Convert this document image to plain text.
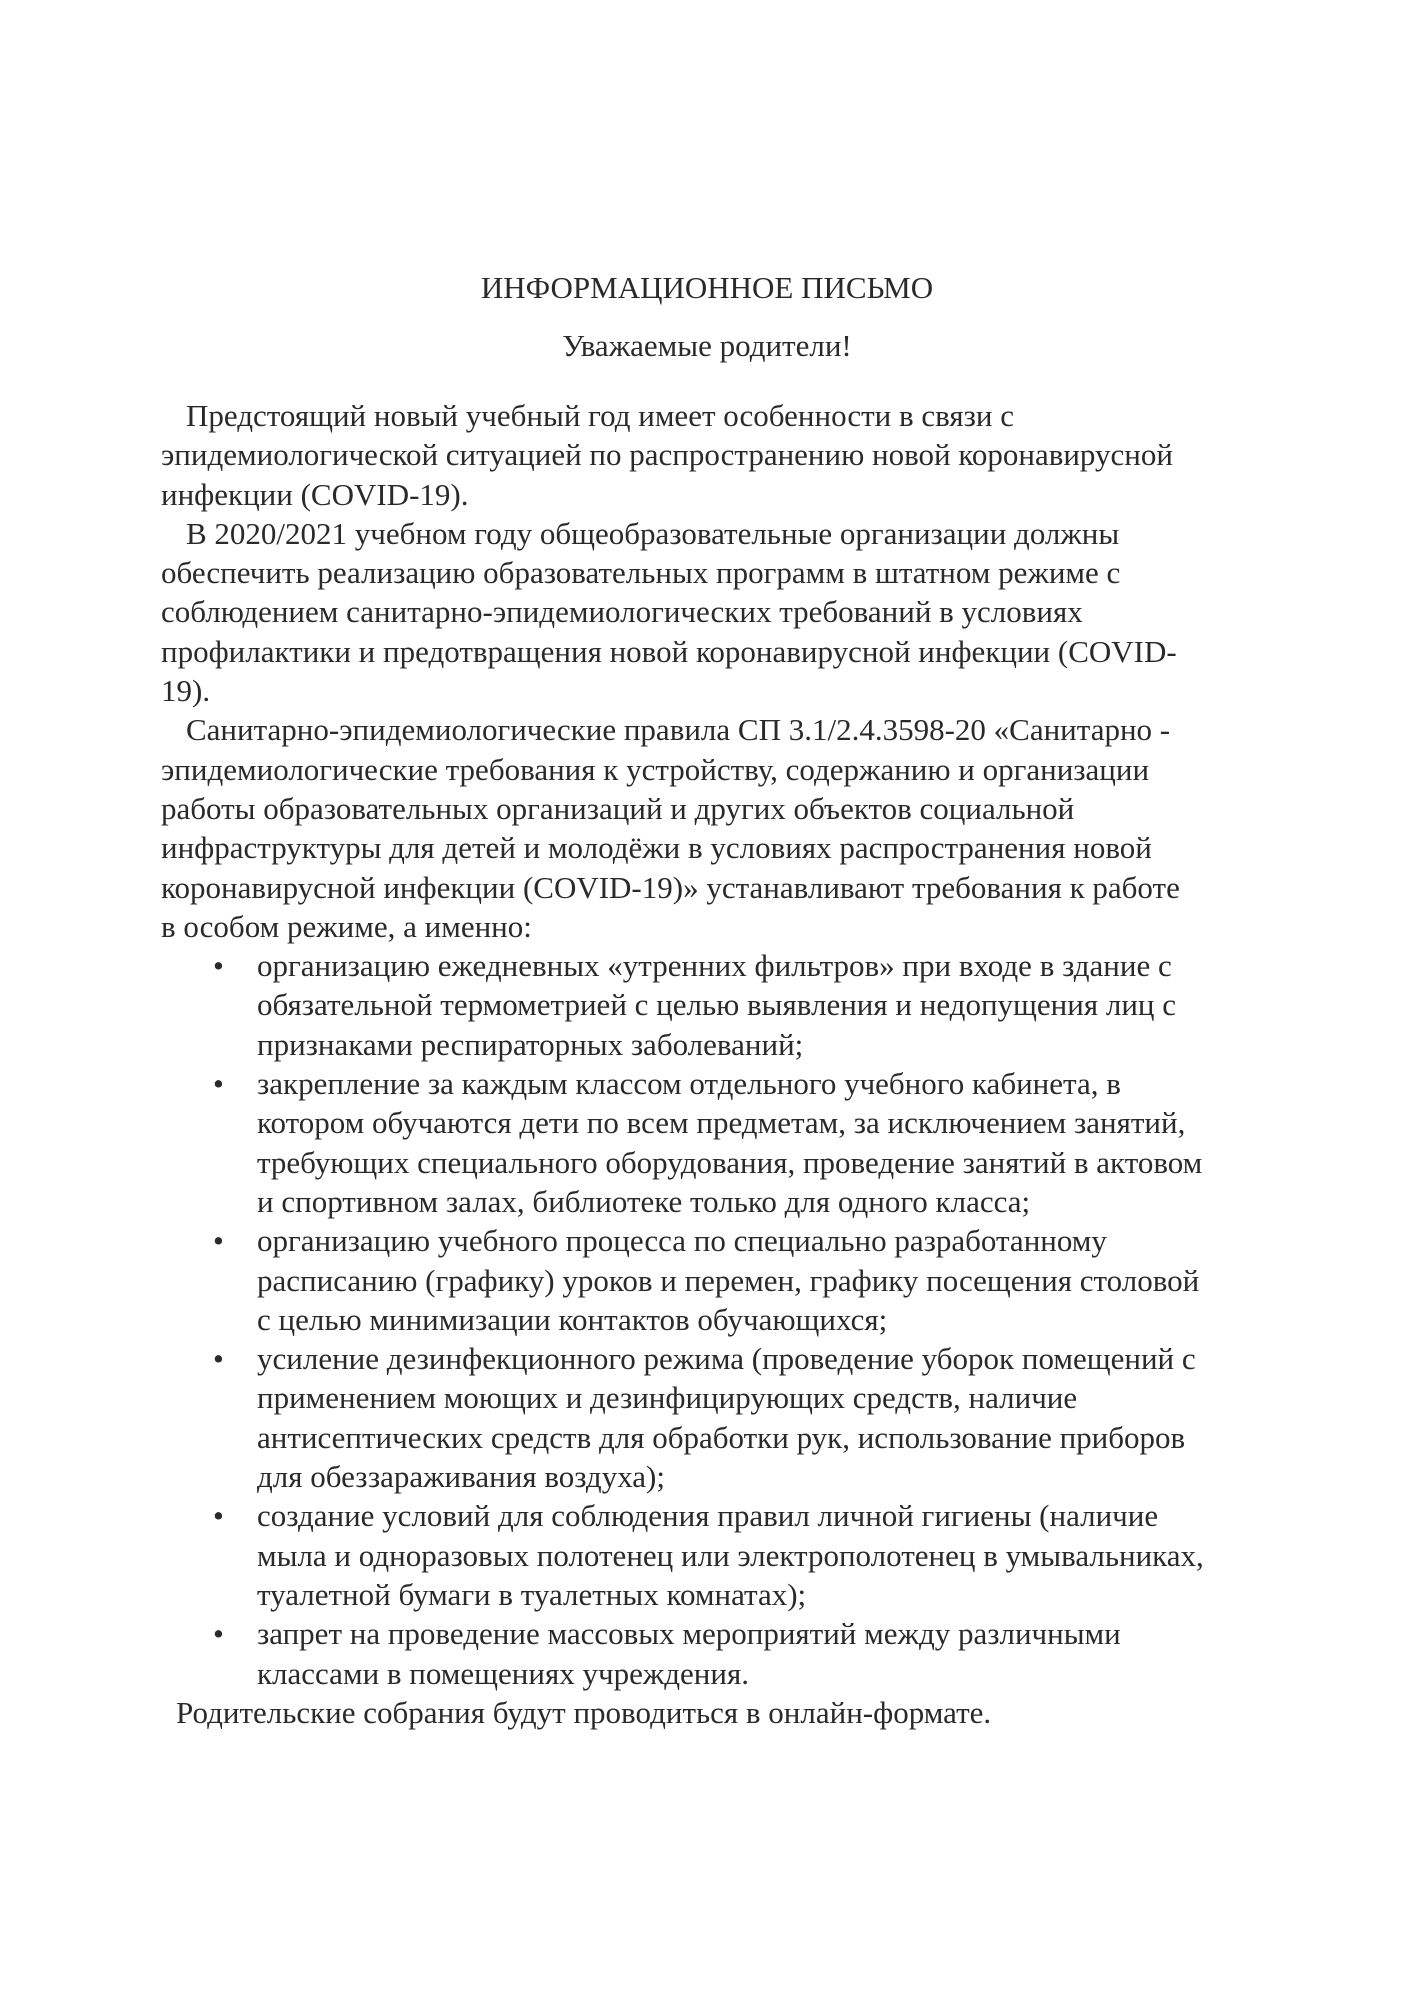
ИНФОРМАЦИОННОЕ ПИСЬМО
Уважаемые родители!
Предстоящий новый учебный год имеет особенности в связи с
эпидемиологической ситуацией по распространению новой коронавирусной
инфекции (COVID-19).
В 2020/2021 учебном году общеобразовательные организации должны
обеспечить реализацию образовательных программ в штатном режиме с
соблюдением санитарно-эпидемиологических требований в условиях
профилактики и предотвращения новой коронавирусной инфекции (COVID-
19).
Санитарно-эпидемиологические правила СП 3.1/2.4.3598-20 «Санитарно -
эпидемиологические требования к устройству, содержанию и организации
работы образовательных организаций и других объектов социальной
инфраструктуры для детей и молодёжи в условиях распространения новой
коронавирусной инфекции (COVID-19)» устанавливают требования к работе
в особом режиме, а именно:
• организацию ежедневных «утренних фильтров» при входе в здание с
обязательной термометрией с целью выявления и недопущения лиц с
признаками респираторных заболеваний;
• закрепление за каждым классом отдельного учебного кабинета, в
котором обучаются дети по всем предметам, за исключением занятий,
требующих специального оборудования, проведение занятий в актовом
и спортивном залах, библиотеке только для одного класса;
• организацию учебного процесса по специально разработанному
расписанию (графику) уроков и перемен, графику посещения столовой
с целью минимизации контактов обучающихся;
• усиление дезинфекционного режима (проведение уборок помещений с
применением моющих и дезинфицирующих средств, наличие
антисептических средств для обработки рук, использование приборов
для обеззараживания воздуха);
• создание условий для соблюдения правил личной гигиены (наличие
мыла и одноразовых полотенец или электрополотенец в умывальниках,
туалетной бумаги в туалетных комнатах);
• запрет на проведение массовых мероприятий между различными
классами в помещениях учреждения.
Родительские собрания будут проводиться в онлайн-формате.
